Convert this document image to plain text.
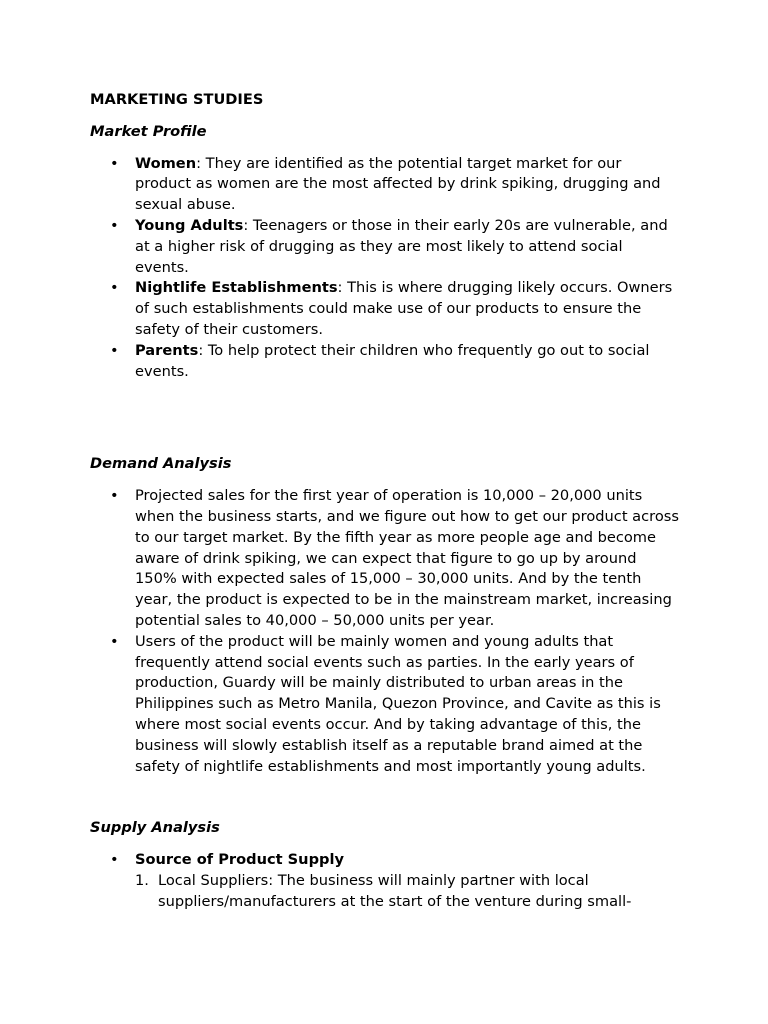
MARKETING STUDIES
Market Profile
• Women: They are identified as the potential target market for our product as women are the most affected by drink spiking, drugging and sexual abuse.
• Young Adults: Teenagers or those in their early 20s are vulnerable, and at a higher risk of drugging as they are most likely to attend social events.
• Nightlife Establishments: This is where drugging likely occurs. Owners of such establishments could make use of our products to ensure the safety of their customers.
• Parents: To help protect their children who frequently go out to social events.
Demand Analysis
• Projected sales for the first year of operation is 10,000 – 20,000 units when the business starts, and we figure out how to get our product across to our target market. By the fifth year as more people age and become aware of drink spiking, we can expect that figure to go up by around 150% with expected sales of 15,000 – 30,000 units. And by the tenth year, the product is expected to be in the mainstream market, increasing potential sales to 40,000 – 50,000 units per year.
• Users of the product will be mainly women and young adults that frequently attend social events such as parties. In the early years of production, Guardy will be mainly distributed to urban areas in the Philippines such as Metro Manila, Quezon Province, and Cavite as this is where most social events occur. And by taking advantage of this, the business will slowly establish itself as a reputable brand aimed at the safety of nightlife establishments and most importantly young adults.
Supply Analysis
• Source of Product Supply
1. Local Suppliers: The business will mainly partner with local suppliers/manufacturers at the start of the venture during small-
